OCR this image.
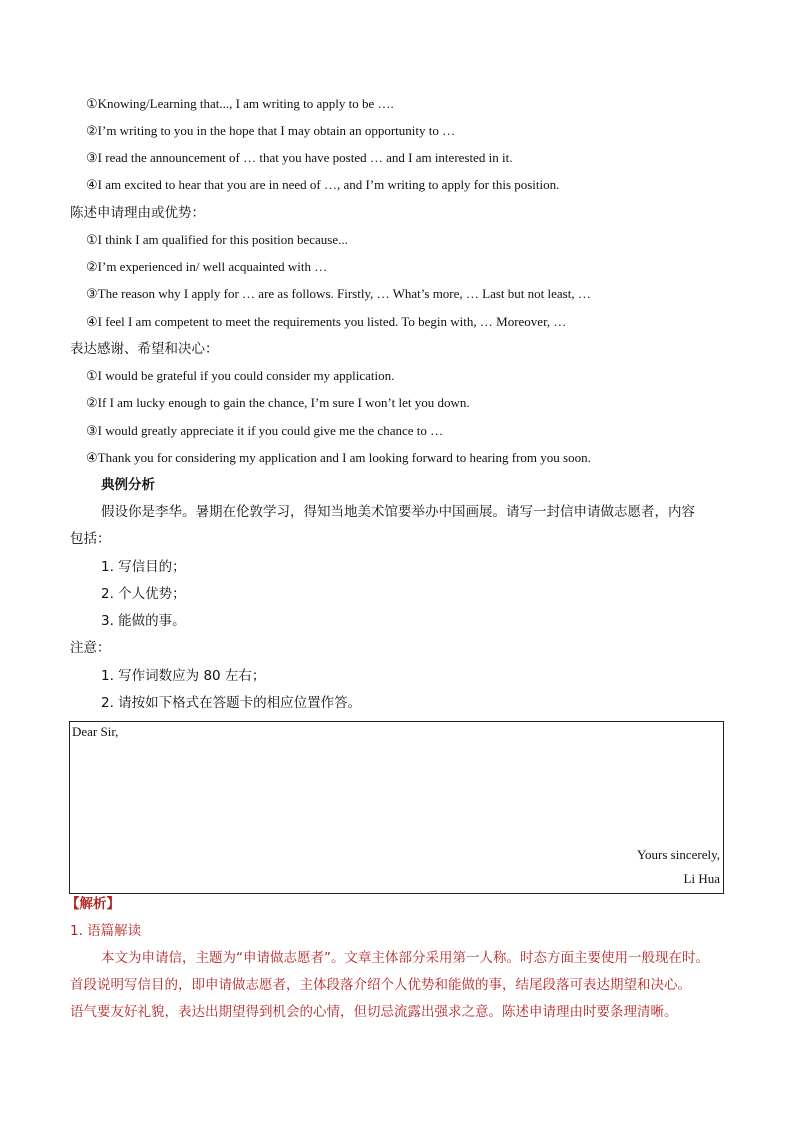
①Knowing/Learning that..., I am writing to apply to be ….
②I’m writing to you in the hope that I may obtain an opportunity to …
③I read the announcement of … that you have posted … and I am interested in it.
④I am excited to hear that you are in need of …, and I’m writing to apply for this position.
陈述申请理由或优势：
①I think I am qualified for this position because...
②I’m experienced in/ well acquainted with …
③The reason why I apply for … are as follows. Firstly, … What’s more, … Last but not least, …
④I feel I am competent to meet the requirements you listed. To begin with, … Moreover, …
表达感谢、希望和决心：
①I would be grateful if you could consider my application.
②If I am lucky enough to gain the chance, I’m sure I won’t let you down.
③I would greatly appreciate it if you could give me the chance to …
④Thank you for considering my application and I am looking forward to hearing from you soon.
典例分析
假设你是李华。暑期在伦敦学习，得知当地美术馆要举办中国画展。请写一封信申请做志愿者，内容
包括：
1. 写信目的；
2. 个人优势；
3. 能做的事。
注意：
1. 写作词数应为 80 左右；
2. 请按如下格式在答题卡的相应位置作答。
Dear Sir,
Yours sincerely,
Li Hua
【解析】
1. 语篇解读
本文为申请信，主题为“申请做志愿者”。文章主体部分采用第一人称。时态方面主要使用一般现在时。
首段说明写信目的，即申请做志愿者，主体段落介绍个人优势和能做的事，结尾段落可表达期望和决心。
语气要友好礼貌，表达出期望得到机会的心情，但切忌流露出强求之意。陈述申请理由时要条理清晰。
